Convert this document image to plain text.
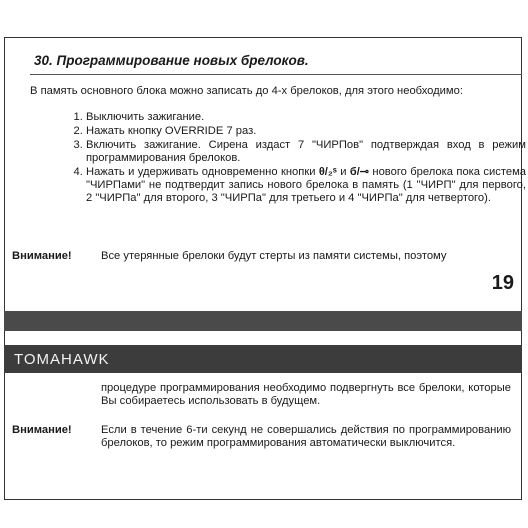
30. Программирование новых брелоков.
В память основного блока можно записать до 4-х брелоков, для этого необходимо:
1. Выключить зажигание.
2. Нажать кнопку OVERRIDE 7 раз.
3. Включить зажигание. Сирена издаст 7 "ЧИРПов" подтверждая вход в режим программирования брелоков.
4. Нажать и удерживать одновременно кнопки θ/₂ˢ и б/⊸ нового брелока пока система "ЧИРПами" не подтвердит запись нового брелока в память (1 "ЧИРП" для первого, 2 "ЧИРПа" для второго, 3 "ЧИРПа" для третьего и 4 "ЧИРПа" для четвертого).
Внимание!	Все утерянные брелоки будут стерты из памяти системы, поэтому
19
TOMAHAWK
процедуре программирования необходимо подвергнуть все брелоки, которые Вы собираетесь использовать в будущем.
Внимание!	Если в течение 6-ти секунд не совершались действия по программированию брелоков, то режим программирования автоматически выключится.
